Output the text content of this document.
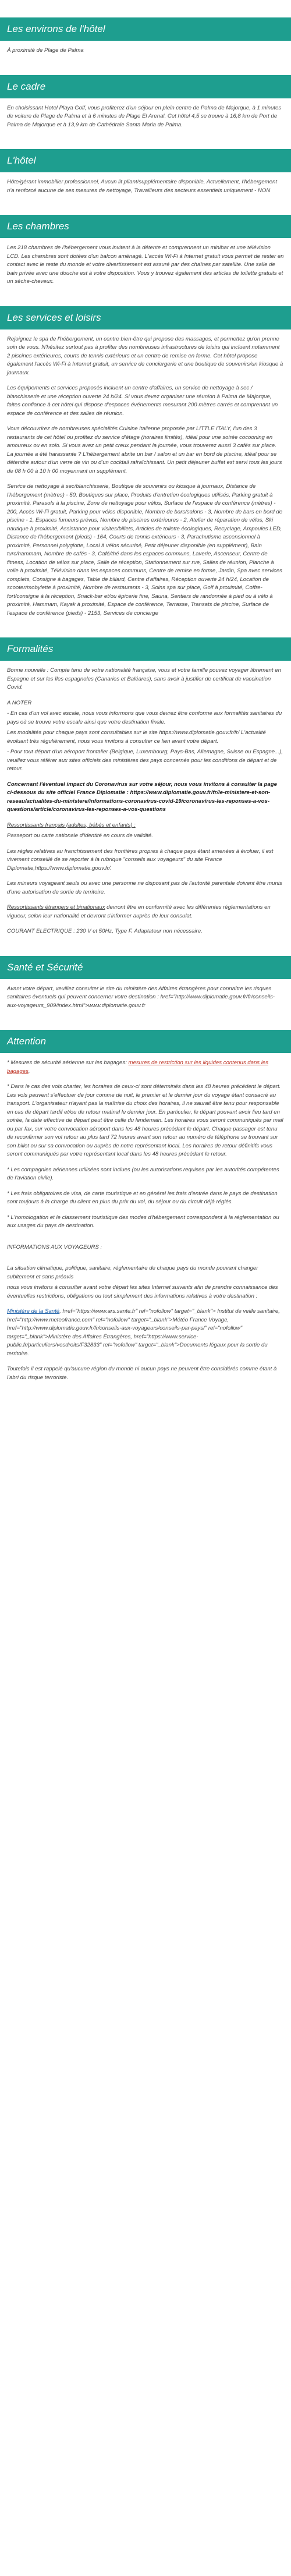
Les environs de l'hôtel

À proximité de Plage de Palma

Le cadre

En choisissant Hotel Playa Golf, vous profiterez d'un séjour en plein centre de Palma de Majorque, à 1 minutes de voiture de Plage de Palma et à 6 minutes de Plage El Arenal. Cet hôtel 4,5 se trouve à 16,8 km de Port de Palma de Majorque et à 13,9 km de Cathédrale Santa Maria de Palma.

L'hôtel

Hôte/gérant immobilier professionnel, Aucun lit pliant/supplémentaire disponible, Actuellement, l'hébergement n'a renforcé aucune de ses mesures de nettoyage, Travailleurs des secteurs essentiels uniquement - NON

Les chambres

Les 218 chambres de l'hébergement vous invitent à la détente et comprennent un minibar et une télévision LCD. Les chambres sont dotées d'un balcon aménagé. L'accès Wi-Fi à Internet gratuit vous permet de rester en contact avec le reste du monde et votre divertissement est assuré par des chaînes par satellite. Une salle de bain privée avec une douche est à votre disposition. Vous y trouvez également des articles de toilette gratuits et un sèche-cheveux.

Les services et loisirs

Rejoignez le spa de l'hébergement, un centre bien-être qui propose des massages, et permettez qu'on prenne soin de vous. N'hésitez surtout pas à profiter des nombreuses infrastructures de loisirs qui incluent notamment 2 piscines extérieures, courts de tennis extérieurs et un centre de remise en forme. Cet hôtel propose également l'accès Wi-Fi à Internet gratuit, un service de conciergerie et une boutique de souvenirs/un kiosque à journaux.

Les équipements et services proposés incluent un centre d'affaires, un service de nettoyage à sec / blanchisserie et une réception ouverte 24 h/24. Si vous devez organiser une réunion à Palma de Majorque, faites confiance à cet hôtel qui dispose d'espaces événements mesurant 200 mètres carrés et comprenant un espace de conférence et des salles de réunion.

Vous découvrirez de nombreuses spécialités Cuisine italienne proposée par LITTLE ITALY, l'un des 3 restaurants de cet hôtel ou profitez du service d'étage (horaires limités), idéal pour une soirée cocooning en amoureux ou en solo. Si vous avez un petit creux pendant la journée, vous trouverez aussi 3 cafés sur place. La journée a été harassante ? L'hébergement abrite un bar / salon et un bar en bord de piscine, idéal pour se détendre autour d'un verre de vin ou d'un cocktail rafraîchissant. Un petit déjeuner buffet est servi tous les jours de 08 h 00 à 10 h 00 moyennant un supplément.

Service de nettoyage à sec/blanchisserie, Boutique de souvenirs ou kiosque à journaux, Distance de l'hébergement (mètres) - 50, Boutiques sur place, Produits d'entretien écologiques utilisés, Parking gratuit à proximité, Parasols à la piscine, Zone de nettoyage pour vélos, Surface de l'espace de conférence (mètres) - 200, Accès Wi-Fi gratuit, Parking pour vélos disponible, Nombre de bars/salons - 3, Nombre de bars en bord de piscine - 1, Espaces fumeurs prévus, Nombre de piscines extérieures - 2, Atelier de réparation de vélos, Ski nautique à proximité, Assistance pour visites/billets, Articles de toilette écologiques, Recyclage, Ampoules LED, Distance de l'hébergement (pieds) - 164, Courts de tennis extérieurs - 3, Parachutisme ascensionnel à proximité, Personnel polyglotte, Local à vélos sécurisé, Petit déjeuner disponible (en supplément), Bain turc/hammam, Nombre de cafés - 3, Café/thé dans les espaces communs, Laverie, Ascenseur, Centre de fitness, Location de vélos sur place, Salle de réception, Stationnement sur rue, Salles de réunion, Planche à voile à proximité, Télévision dans les espaces communs, Centre de remise en forme, Jardin, Spa avec services complets, Consigne à bagages, Table de billard, Centre d'affaires, Réception ouverte 24 h/24, Location de scooter/mobylette à proximité, Nombre de restaurants - 3, Soins spa sur place, Golf à proximité, Coffre-fort/consigne à la réception, Snack-bar et/ou épicerie fine, Sauna, Sentiers de randonnée à pied ou à vélo à proximité, Hammam, Kayak à proximité, Espace de conférence, Terrasse, Transats de piscine, Surface de l'espace de conférence (pieds) - 2153, Services de concierge

Formalités

Bonne nouvelle : Compte tenu de votre nationalité française, vous et votre famille pouvez voyager librement en Espagne et sur les îles espagnoles (Canaries et Baléares), sans avoir à justifier de certificat de vaccination Covid.

A NOTER

- En cas d'un vol avec escale, nous vous informons que vous devrez être conforme aux formalités sanitaires du pays où se trouve votre escale ainsi que votre destination finale.

Les modalités pour chaque pays sont consultables sur le site https://www.diplomatie.gouv.fr/fr/ L'actualité évoluant très régulièrement, nous vous invitons à consulter ce lien avant votre départ.

- Pour tout départ d'un aéroport frontalier (Belgique, Luxembourg, Pays-Bas, Allemagne, Suisse ou Espagne...), veuillez vous référer aux sites officiels des ministères des pays concernés pour les conditions de départ et de retour.

Concernant l'éventuel impact du Coronavirus sur votre séjour, nous vous invitons à consulter la page ci-dessous du site officiel France Diplomatie : https://www.diplomatie.gouv.fr/fr/le-ministere-et-son-reseau/actualites-du-ministere/informations-coronavirus-covid-19/coronavirus-les-reponses-a-vos-questions/article/coronavirus-les-reponses-a-vos-questions

Ressortissants français (adultes, bébés et enfants) :

Passeport ou carte nationale d'identité en cours de validité.

Les règles relatives au franchissement des frontières propres à chaque pays étant amenées à évoluer, il est vivement conseillé de se reporter à la rubrique "conseils aux voyageurs" du site France Diplomatie,https://www.diplomatie.gouv.fr/.

Les mineurs voyageant seuls ou avec une personne ne disposant pas de l'autorité parentale doivent être munis d'une autorisation de sortie de territoire.

Ressortissants étrangers et binationaux devront être en conformité avec les différentes réglementations en vigueur, selon leur nationalité et devront s'informer auprès de leur consulat.

COURANT ELECTRIQUE : 230 V et 50Hz, Type F. Adaptateur non nécessaire.

Santé et Sécurité

Avant votre départ, veuillez consulter le site du ministère des Affaires étrangères pour connaître les risques sanitaires éventuels qui peuvent concerner votre destination : href="http://www.diplomatie.gouv.fr/fr/conseils-aux-voyageurs_909/index.html">www.diplomatie.gouv.fr

Attention

* Mesures de sécurité aérienne sur les bagages: mesures de restriction sur les liquides contenus dans les bagages.

* Dans le cas des vols charter, les horaires de ceux-ci sont déterminés dans les 48 heures précédent le départ. Les vols peuvent s'effectuer de jour comme de nuit, le premier et le dernier jour du voyage étant consacré au transport. L'organisateur n'ayant pas la maîtrise du choix des horaires, il ne saurait être tenu pour responsable en cas de départ tardif et/ou de retour matinal le dernier jour. En particulier, le départ pouvant avoir lieu tard en soirée, la date effective de départ peut être celle du lendemain. Les horaires vous seront communiqués par mail ou par fax, sur votre convocation aéroport dans les 48 heures précédant le départ. Chaque passager est tenu de reconfirmer son vol retour au plus tard 72 heures avant son retour au numéro de téléphone se trouvant sur son billet ou sur sa convocation ou auprès de notre représentant local. Les horaires de retour définitifs vous seront communiqués par votre représentant local dans les 48 heures précédant le retour.

* Les compagnies aériennes utilisées sont inclues (ou les autorisations requises par les autorités compétentes de l'aviation civile).

* Les frais obligatoires de visa, de carte touristique et en général les frais d'entrée dans le pays de destination sont toujours à la charge du client en plus du prix du vol, du séjour ou du circuit déjà réglés.

* L'homologation et le classement touristique des modes d'hébergement correspondent à la réglementation ou aux usages du pays de destination.

INFORMATIONS AUX VOYAGEURS :

La situation climatique, politique, sanitaire, réglementaire de chaque pays du monde pouvant changer subitement et sans préavis

nous vous invitons à consulter avant votre départ les sites Internet suivants afin de prendre connaissance des éventuelles restrictions, obligations ou tout simplement des informations relatives à votre destination :

Ministère de la Santé, href="https://www.ars.sante.fr" rel="nofollow" target="_blank"> Institut de veille sanitaire, href="http://www.meteofrance.com" rel="nofollow" target="_blank">Météo France Voyage, href="http://www.diplomatie.gouv.fr/fr/conseils-aux-voyageurs/conseils-par-pays/" rel="nofollow" target="_blank">Ministère des Affaires Étrangères, href="https://www.service-public.fr/particuliers/vosdroits/F32833" rel="nofollow" target="_blank">Documents légaux pour la sortie du territoire.

Toutefois il est rappelé qu'aucune région du monde ni aucun pays ne peuvent être considérés comme étant à l'abri du risque terroriste.
